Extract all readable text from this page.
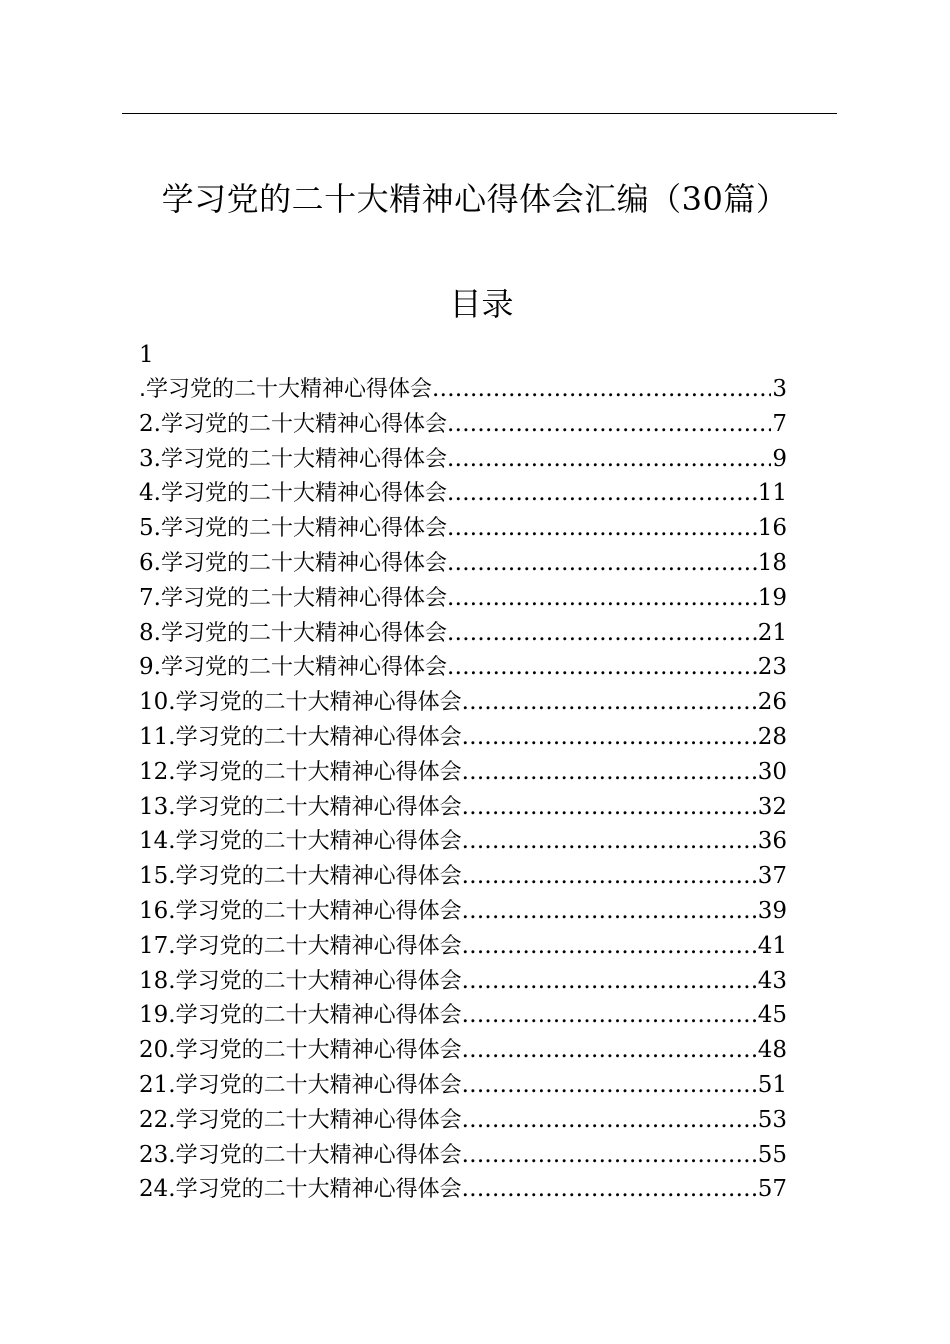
学习党的二十大精神心得体会汇编（30篇）
目录
1
.学习党的二十大精神心得体会 .....	3
2. 学习党的二十大精神心得体会 .....	7
3. 学习党的二十大精神心得体会 .....	9
4. 学习党的二十大精神心得体会 .....	11
5. 学习党的二十大精神心得体会 .....	16
6. 学习党的二十大精神心得体会 .....	18
7. 学习党的二十大精神心得体会 .....	19
8. 学习党的二十大精神心得体会 .....	21
9. 学习党的二十大精神心得体会 .....	23
10. 学习党的二十大精神心得体会 .....	26
11. 学习党的二十大精神心得体会 .....	28
12. 学习党的二十大精神心得体会 .....	30
13. 学习党的二十大精神心得体会 .....	32
14. 学习党的二十大精神心得体会 .....	36
15. 学习党的二十大精神心得体会 .....	37
16. 学习党的二十大精神心得体会 .....	39
17. 学习党的二十大精神心得体会 .....	41
18. 学习党的二十大精神心得体会 .....	43
19. 学习党的二十大精神心得体会 .....	45
20. 学习党的二十大精神心得体会 .....	48
21. 学习党的二十大精神心得体会 .....	51
22. 学习党的二十大精神心得体会 .....	53
23. 学习党的二十大精神心得体会 .....	55
24. 学习党的二十大精神心得体会 .....	57
